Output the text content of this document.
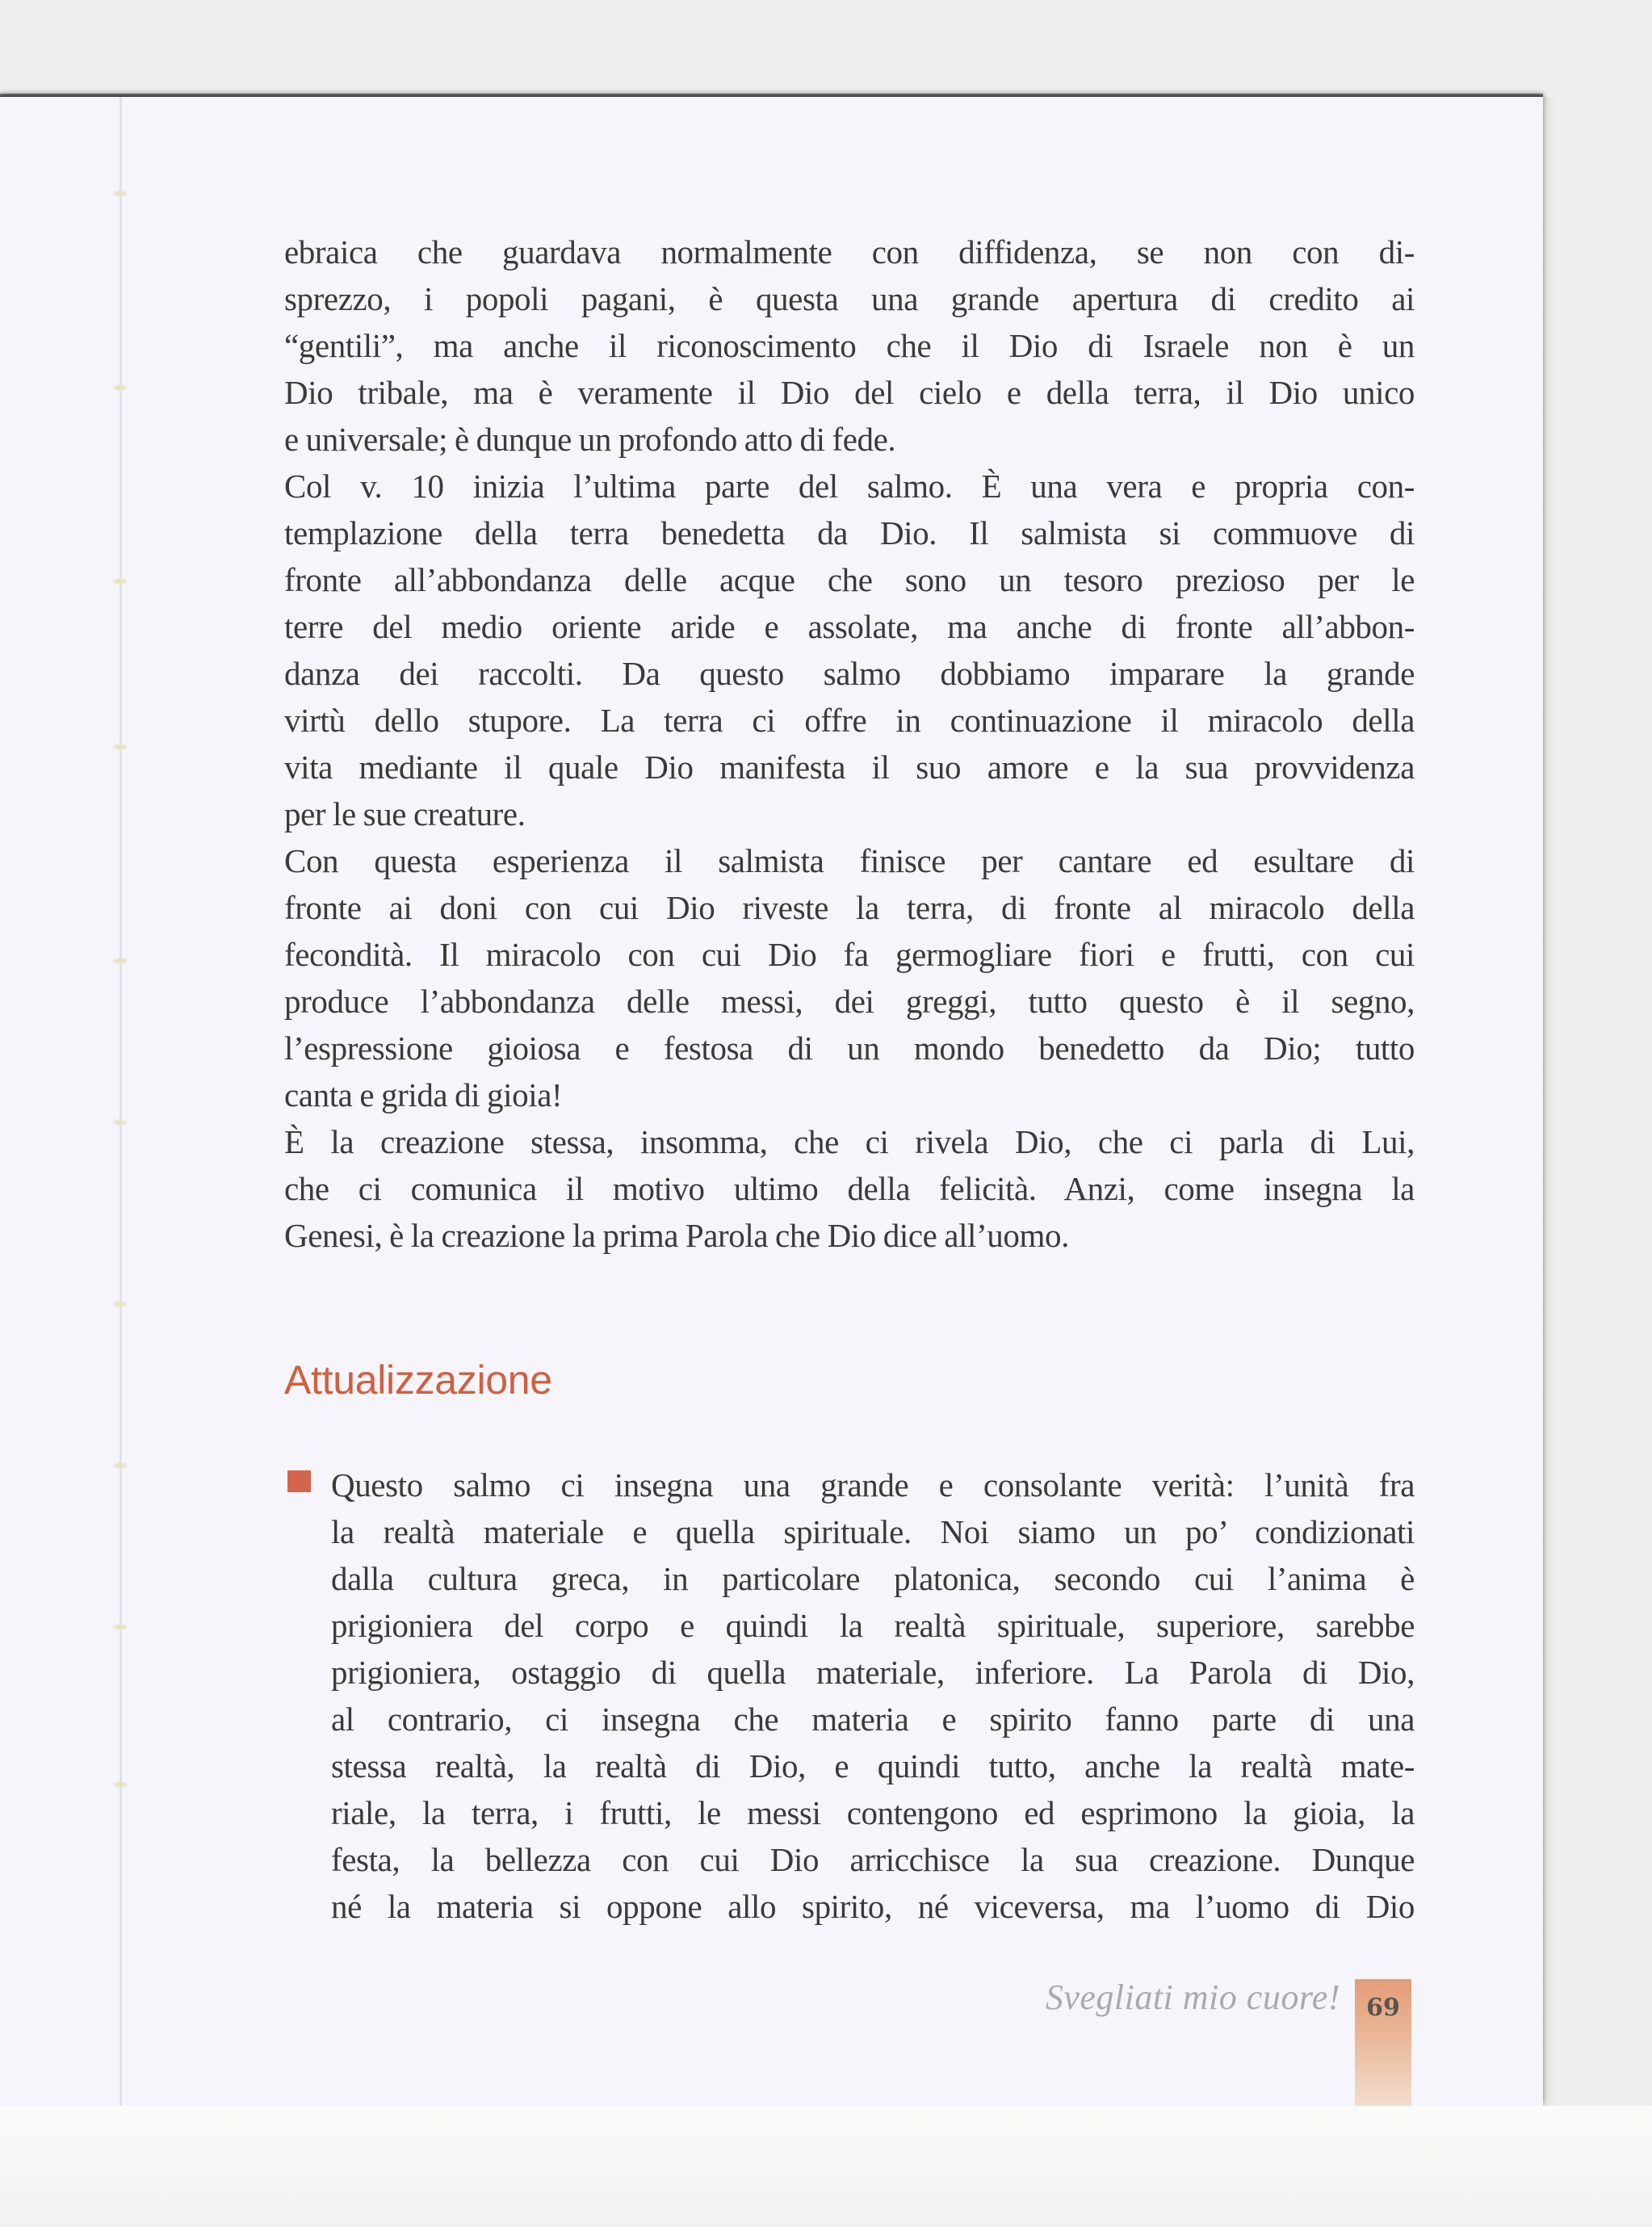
ebraica che guardava normalmente con diffidenza, se non con di-
sprezzo, i popoli pagani, è questa una grande apertura di credito ai
“gentili”, ma anche il riconoscimento che il Dio di Israele non è un
Dio tribale, ma è veramente il Dio del cielo e della terra, il Dio unico
e universale; è dunque un profondo atto di fede.

Col v. 10 inizia l’ultima parte del salmo. È una vera e propria con-
templazione della terra benedetta da Dio. Il salmista si commuove di
fronte all’abbondanza delle acque che sono un tesoro prezioso per le
terre del medio oriente aride e assolate, ma anche di fronte all’abbon-
danza dei raccolti. Da questo salmo dobbiamo imparare la grande
virtù dello stupore. La terra ci offre in continuazione il miracolo della
vita mediante il quale Dio manifesta il suo amore e la sua provvidenza
per le sue creature.

Con questa esperienza il salmista finisce per cantare ed esultare di
fronte ai doni con cui Dio riveste la terra, di fronte al miracolo della
fecondità. Il miracolo con cui Dio fa germogliare fiori e frutti, con cui
produce l’abbondanza delle messi, dei greggi, tutto questo è il segno,
l’espressione gioiosa e festosa di un mondo benedetto da Dio; tutto
canta e grida di gioia!

È la creazione stessa, insomma, che ci rivela Dio, che ci parla di Lui,
che ci comunica il motivo ultimo della felicità. Anzi, come insegna la
Genesi, è la creazione la prima Parola che Dio dice all’uomo.

Attualizzazione
Questo salmo ci insegna una grande e consolante verità: l’unità fra
la realtà materiale e quella spirituale. Noi siamo un po’ condizionati
dalla cultura greca, in particolare platonica, secondo cui l’anima è
prigioniera del corpo e quindi la realtà spirituale, superiore, sarebbe
prigioniera, ostaggio di quella materiale, inferiore. La Parola di Dio,
al contrario, ci insegna che materia e spirito fanno parte di una
stessa realtà, la realtà di Dio, e quindi tutto, anche la realtà mate-
riale, la terra, i frutti, le messi contengono ed esprimono la gioia, la
festa, la bellezza con cui Dio arricchisce la sua creazione. Dunque
né la materia si oppone allo spirito, né viceversa, ma l’uomo di Dio
Svegliati mio cuore!	69
